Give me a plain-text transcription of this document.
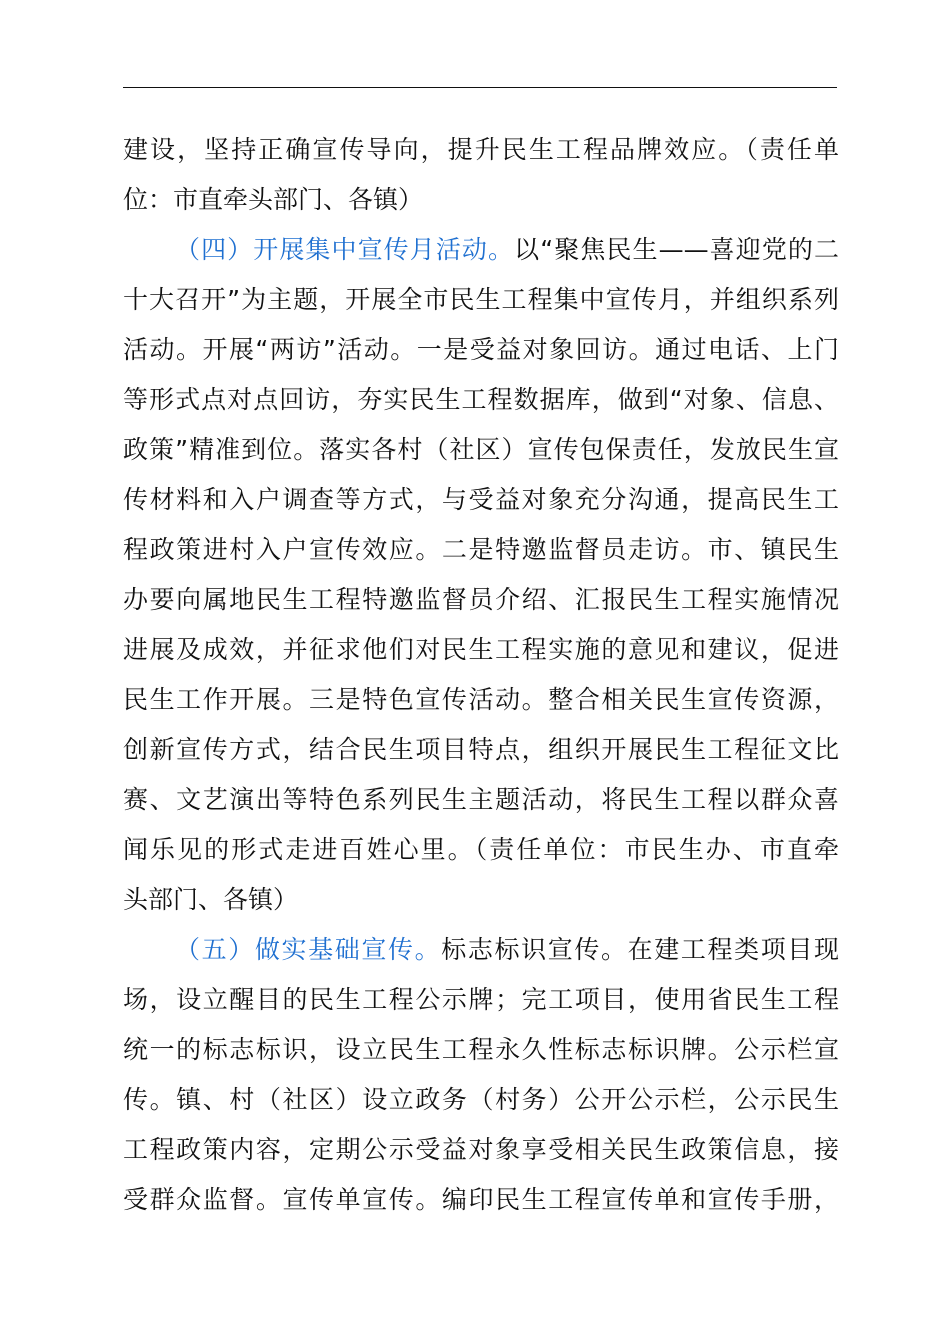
建设，坚持正确宣传导向，提升民生工程品牌效应。（责任单
位：市直牵头部门、各镇）
（四）开展集中宣传月活动。以“聚焦民生——喜迎党的二
十大召开”为主题，开展全市民生工程集中宣传月，并组织系列
活动。开展“两访”活动。一是受益对象回访。通过电话、上门
等形式点对点回访，夯实民生工程数据库，做到“对象、信息、
政策”精准到位。落实各村（社区）宣传包保责任，发放民生宣
传材料和入户调查等方式，与受益对象充分沟通，提高民生工
程政策进村入户宣传效应。二是特邀监督员走访。市、镇民生
办要向属地民生工程特邀监督员介绍、汇报民生工程实施情况
进展及成效，并征求他们对民生工程实施的意见和建议，促进
民生工作开展。三是特色宣传活动。整合相关民生宣传资源，
创新宣传方式，结合民生项目特点，组织开展民生工程征文比
赛、文艺演出等特色系列民生主题活动，将民生工程以群众喜
闻乐见的形式走进百姓心里。（责任单位：市民生办、市直牵
头部门、各镇）
（五）做实基础宣传。标志标识宣传。在建工程类项目现
场，设立醒目的民生工程公示牌；完工项目，使用省民生工程
统一的标志标识，设立民生工程永久性标志标识牌。公示栏宣
传。镇、村（社区）设立政务（村务）公开公示栏，公示民生
工程政策内容，定期公示受益对象享受相关民生政策信息，接
受群众监督。宣传单宣传。编印民生工程宣传单和宣传手册，
